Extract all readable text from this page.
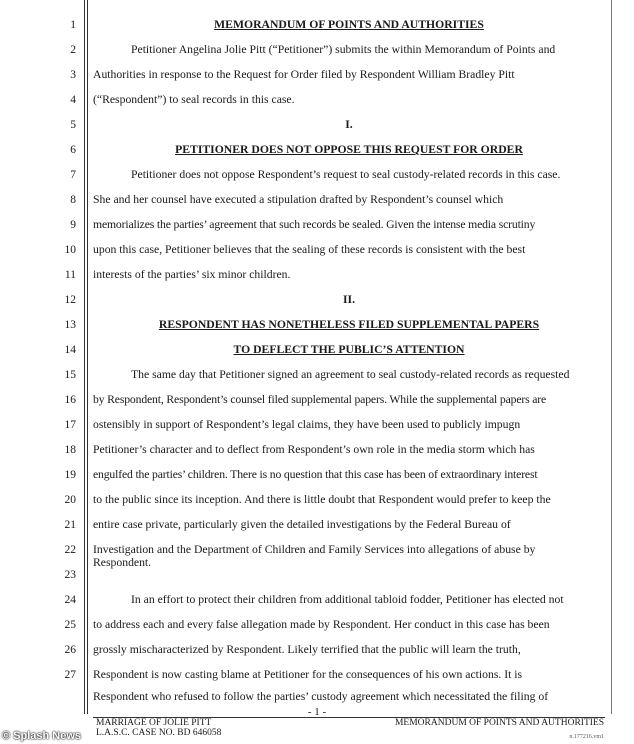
1
2
3
4
5
6
7
8
9
10
11
12
13
14
15
16
17
18
19
20
21
22
23
24
25
26
27
MEMORANDUM OF POINTS AND AUTHORITIES
Petitioner Angelina Jolie Pitt (“Petitioner”) submits the within Memorandum of Points and
Authorities in response to the Request for Order filed by Respondent William Bradley Pitt
(“Respondent”) to seal records in this case.
I.
PETITIONER DOES NOT OPPOSE THIS REQUEST FOR ORDER
Petitioner does not oppose Respondent’s request to seal custody-related records in this case.
She and her counsel have executed a stipulation drafted by Respondent’s counsel which
memorializes the parties’ agreement that such records be sealed. Given the intense media scrutiny
upon this case, Petitioner believes that the sealing of these records is consistent with the best
interests of the parties’ six minor children.
II.
RESPONDENT HAS NONETHELESS FILED SUPPLEMENTAL PAPERS
TO DEFLECT THE PUBLIC’S ATTENTION
The same day that Petitioner signed an agreement to seal custody-related records as requested
by Respondent, Respondent’s counsel filed supplemental papers. While the supplemental papers are
ostensibly in support of Respondent’s legal claims, they have been used to publicly impugn
Petitioner’s character and to deflect from Respondent’s own role in the media storm which has
engulfed the parties’ children. There is no question that this case has been of extraordinary interest
to the public since its inception. And there is little doubt that Respondent would prefer to keep the
entire case private, particularly given the detailed investigations by the Federal Bureau of
Investigation and the Department of Children and Family Services into allegations of abuse by
Respondent.
In an effort to protect their children from additional tabloid fodder, Petitioner has elected not
to address each and every false allegation made by Respondent. Her conduct in this case has been
grossly mischaracterized by Respondent. Likely terrified that the public will learn the truth,
Respondent is now casting blame at Petitioner for the consequences of his own actions. It is
Respondent who refused to follow the parties’ custody agreement which necessitated the filing of
- 1 -
MARRIAGE OF JOLIE PITT
L.A.S.C. CASE NO. BD 646058
MEMORANDUM OF POINTS AND AUTHORITIES
n.177216.vm1
© Splash News
